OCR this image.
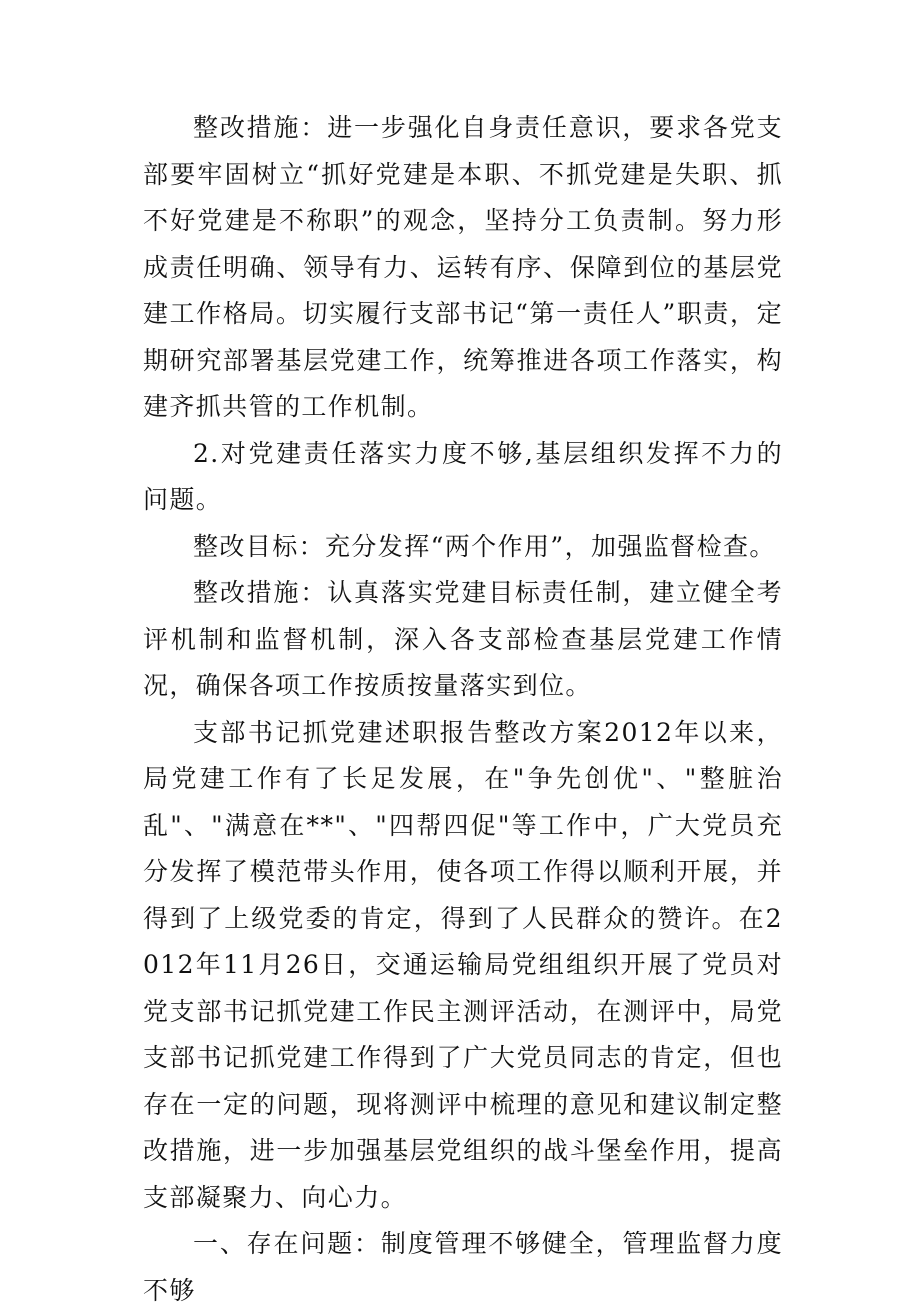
整改措施：进一步强化自身责任意识，要求各党支部要牢固树立“抓好党建是本职、不抓党建是失职、抓不好党建是不称职”的观念，坚持分工负责制。努力形成责任明确、领导有力、运转有序、保障到位的基层党建工作格局。切实履行支部书记“第一责任人”职责，定期研究部署基层党建工作，统筹推进各项工作落实，构建齐抓共管的工作机制。

2.对党建责任落实力度不够,基层组织发挥不力的问题。

整改目标：充分发挥“两个作用”，加强监督检查。

整改措施：认真落实党建目标责任制，建立健全考评机制和监督机制，深入各支部检查基层党建工作情况，确保各项工作按质按量落实到位。

支部书记抓党建述职报告整改方案2012年以来，局党建工作有了长足发展，在"争先创优"、"整脏治乱"、"满意在**"、"四帮四促"等工作中，广大党员充分发挥了模范带头作用，使各项工作得以顺利开展，并得到了上级党委的肯定，得到了人民群众的赞许。在2012年11月26日，交通运输局党组组织开展了党员对党支部书记抓党建工作民主测评活动，在测评中，局党支部书记抓党建工作得到了广大党员同志的肯定，但也存在一定的问题，现将测评中梳理的意见和建议制定整改措施，进一步加强基层党组织的战斗堡垒作用，提高支部凝聚力、向心力。

一、存在问题：制度管理不够健全，管理监督力度不够
